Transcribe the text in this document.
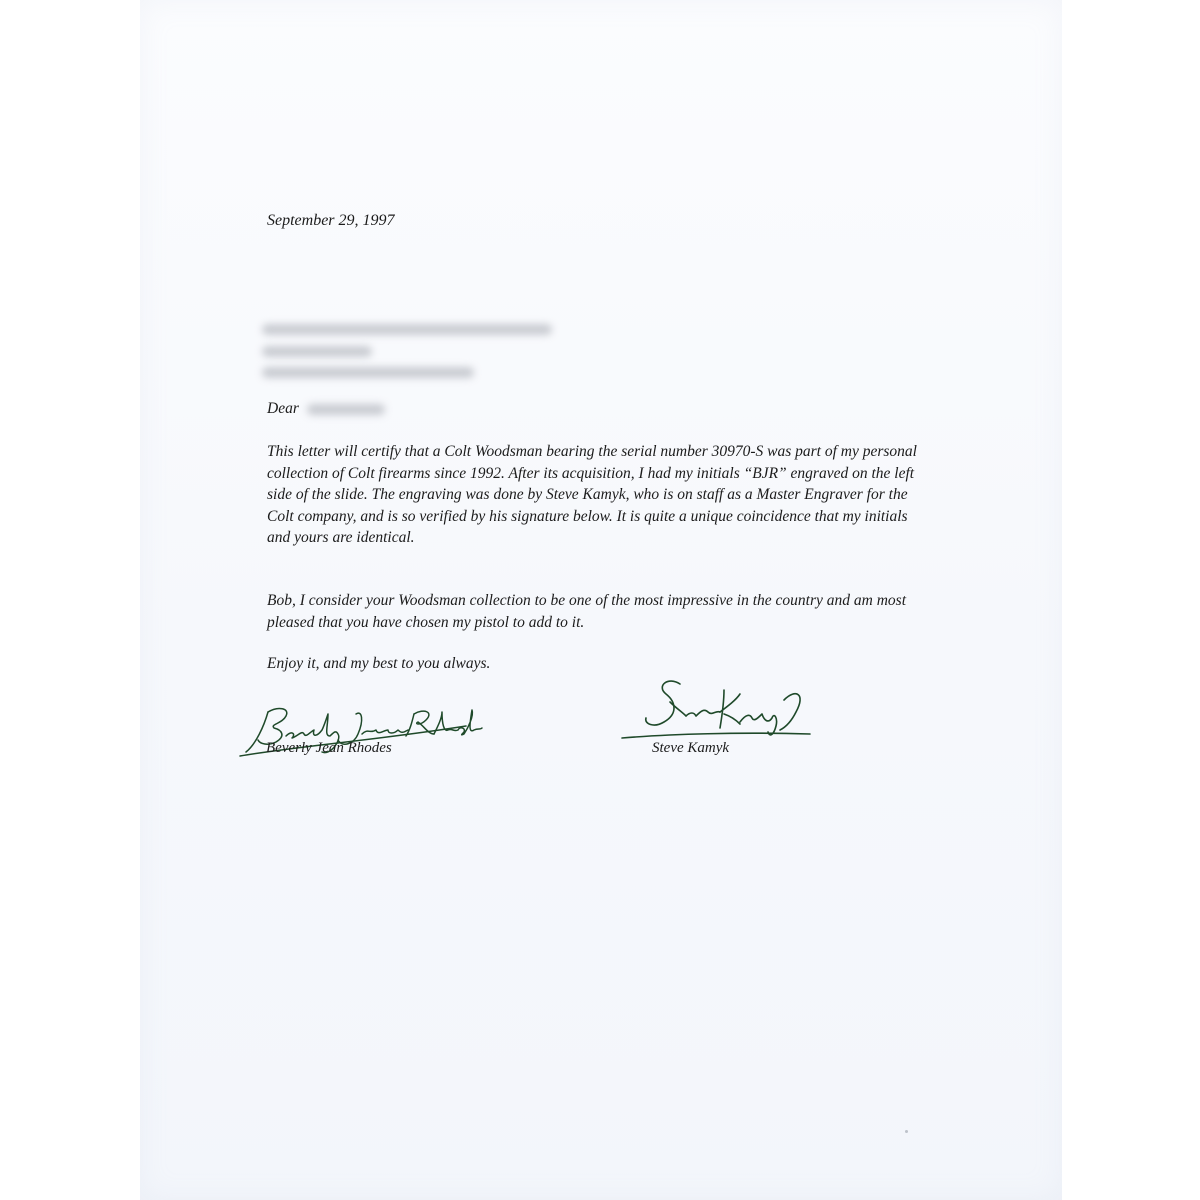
September 29, 1997
Dear
This letter will certify that a Colt Woodsman bearing the serial number 30970-S was part of my personal collection of Colt firearms since 1992. After its acquisition, I had my initials “BJR” engraved on the left side of the slide. The engraving was done by Steve Kamyk, who is on staff as a Master Engraver for the Colt company, and is so verified by his signature below. It is quite a unique coincidence that my initials and yours are identical.
Bob, I consider your Woodsman collection to be one of the most impressive in the country and am most pleased that you have chosen my pistol to add to it.
Enjoy it, and my best to you always.
Beverly Jean Rhodes	Steve Kamyk
